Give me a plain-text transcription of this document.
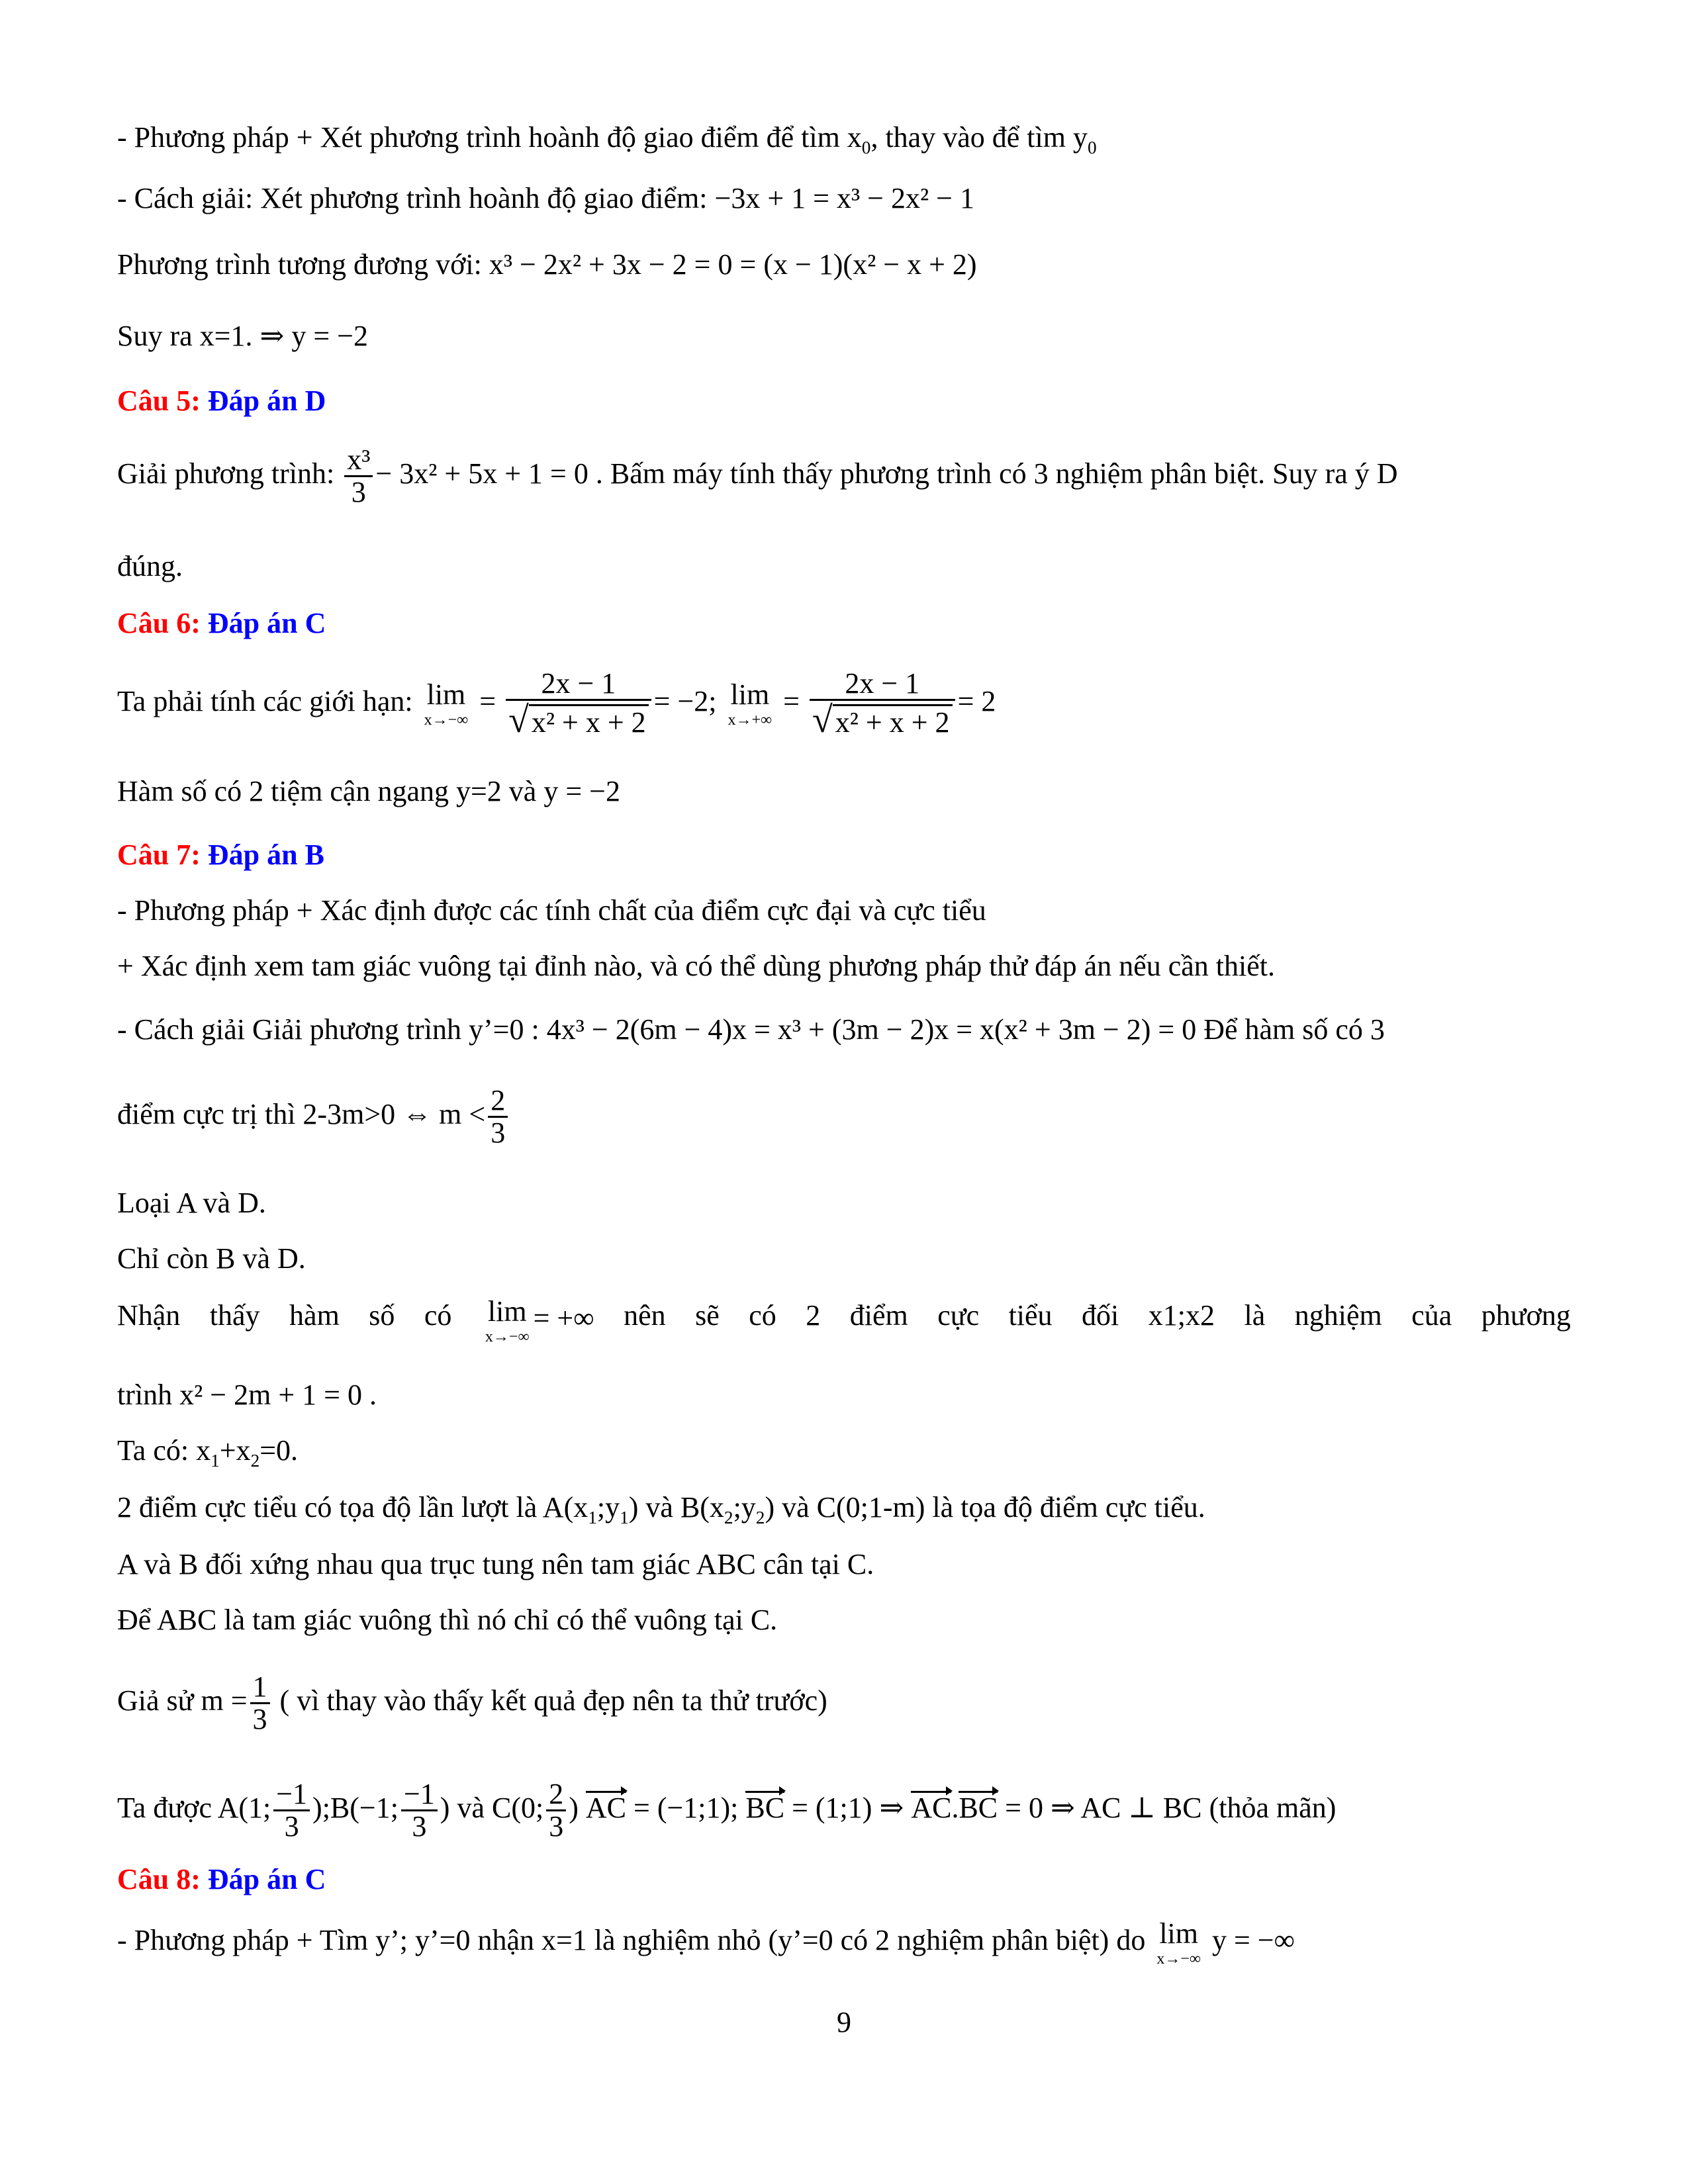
- Phương pháp + Xét phương trình hoành độ giao điểm để tìm $x_0$, thay vào để tìm $y_0$
- Cách giải: Xét phương trình hoành độ giao điểm: −3x + 1 = x³ − 2x² − 1
Phương trình tương đương với: x³ − 2x² + 3x − 2 = 0 = (x − 1)(x² − x + 2)
Suy ra x=1. ⇒ y = −2
Câu 5: Đáp án D
Giải phương trình: $\frac{\text{x³}}{3} - 3x^2 + 5x + 1 = 0$ . Bấm máy tính thấy phương trình có 3 nghiệm phân biệt. Suy ra ý D
đúng.
Câu 6: Đáp án C
Ta phải tính các giới hạn: lim
x→−∞
= $\frac{2x - 1}{\text{√x² + x + 2}} = -2$; lim
x→+∞
= $\frac{2x - 1}{\text{√x² + x + 2}} = 2$
Hàm số có 2 tiệm cận ngang y=2 và y = −2
Câu 7: Đáp án B
- Phương pháp + Xác định được các tính chất của điểm cực đại và cực tiểu
+ Xác định xem tam giác vuông tại đỉnh nào, và có thể dùng phương pháp thử đáp án nếu cần thiết.
- Cách giải Giải phương trình y’=0 : 4x³ − 2(6m − 4)x = x³ + (3m − 2)x = x(x² + 3m − 2) = 0 Để hàm số có 3
điểm cực trị thì 2-3m>0 ⇔ $m < \frac{2}{3}$
Loại A và D.
Chỉ còn B và D.
Nhận thấy hàm số có lim
x→−∞
= +∞ nên sẽ có 2 điểm cực tiểu đối x1;x2 là nghiệm của phương
trình x² − 2m + 1 = 0 .
Ta có: $x_1+x_2=0$.
2 điểm cực tiểu có tọa độ lần lượt là $A(x_1;y_1)$ và $B(x_2;y_2)$ và C(0;1-m) là tọa độ điểm cực tiểu.
A và B đối xứng nhau qua trục tung nên tam giác ABC cân tại C.
Để ABC là tam giác vuông thì nó chỉ có thể vuông tại C.
Giả sử $m = \frac{1}{3}$ ( vì thay vào thấy kết quả đẹp nên ta thử trước)
Ta được A(1; $\frac{-1}{3}$ );B(−1; $\frac{-1}{3}$ ) và C(0; $\frac{2}{3}$ ) AC = (−1;1); BC = (1;1) ⇒ AC.BC = 0 ⇒ AC ⊥ BC (thỏa mãn)
Câu 8: Đáp án C
- Phương pháp + Tìm y’; y’=0 nhận x=1 là nghiệm nhỏ (y’=0 có 2 nghiệm phân biệt) do lim
x→−∞
y = −∞
9
